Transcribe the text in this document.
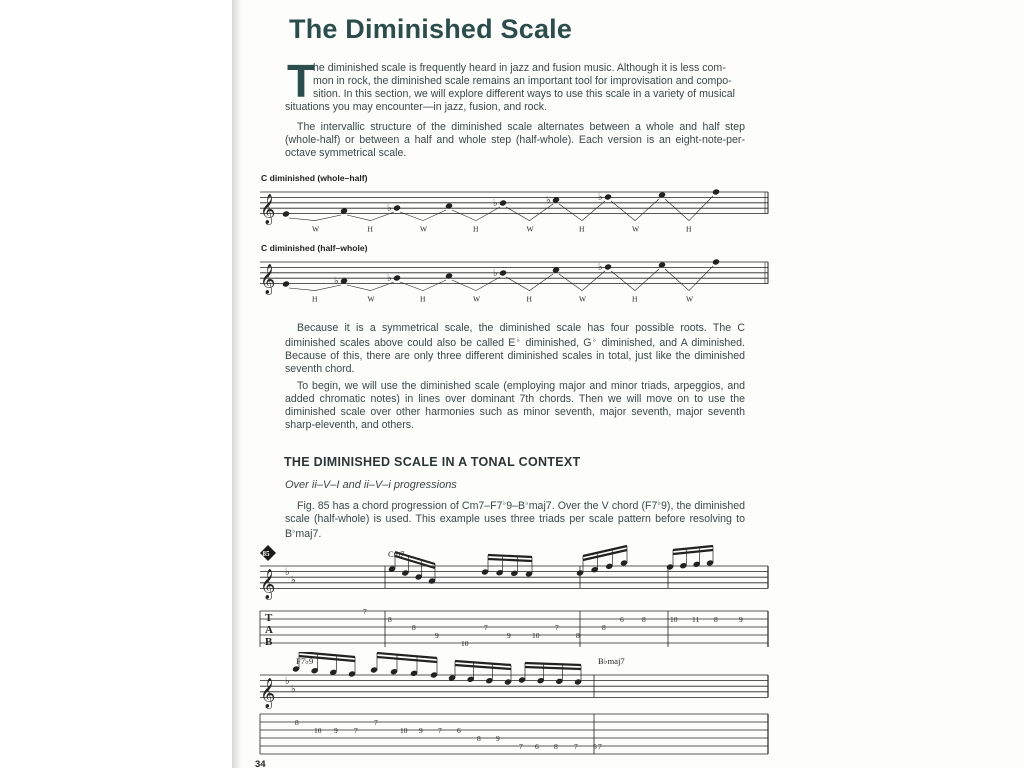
The Diminished Scale
T
he diminished scale is frequently heard in jazz and fusion music. Although it is less com-
mon in rock, the diminished scale remains an important tool for improvisation and compo-
sition. In this section, we will explore different ways to use this scale in a variety of musical
situations you may encounter—in jazz, fusion, and rock.
The intervallic structure of the diminished scale alternates between a whole and half step (whole-half) or between a half and whole step (half-whole). Each version is an eight-note-per-octave symmetrical scale.
C diminished (whole–half)
𝄞	♭	♭	♭	♭
W	H	W	H	W	H	W	H
C diminished (half–whole)
𝄞	♭	♭	♭
♭
H	W	H	W	H	W	H	W
Because it is a symmetrical scale, the diminished scale has four possible roots. The C diminished scales above could also be called E♭ diminished, G♭ diminished, and A diminished. Because of this, there are only three different diminished scales in total, just like the diminished seventh chord.
To begin, we will use the diminished scale (employing major and minor triads, arpeggios, and added chromatic notes) in lines over dominant 7th chords. Then we will move on to use the diminished scale over other harmonies such as minor seventh, major seventh, major seventh sharp-eleventh, and others.
THE DIMINISHED SCALE IN A TONAL CONTEXT
Over ii–V–I and ii–V–i progressions
Fig. 85 has a chord progression of Cm7–F7♭9–B♭maj7. Over the V chord (F7♭9), the diminished scale (half-whole) is used. This example uses three triads per scale pattern before resolving to B♭maj7.
85
𝄞 ♭
♭
Cm7
T
A
B
7
8
8
9
10
7
9	10
7
8
8
6 8	10 11 8	9
𝄞 ♭
♭
F7♭9	B♭maj7
8
10 9 7
7
10 9 7 6
8 9
7 6 8 7 5 7
34
